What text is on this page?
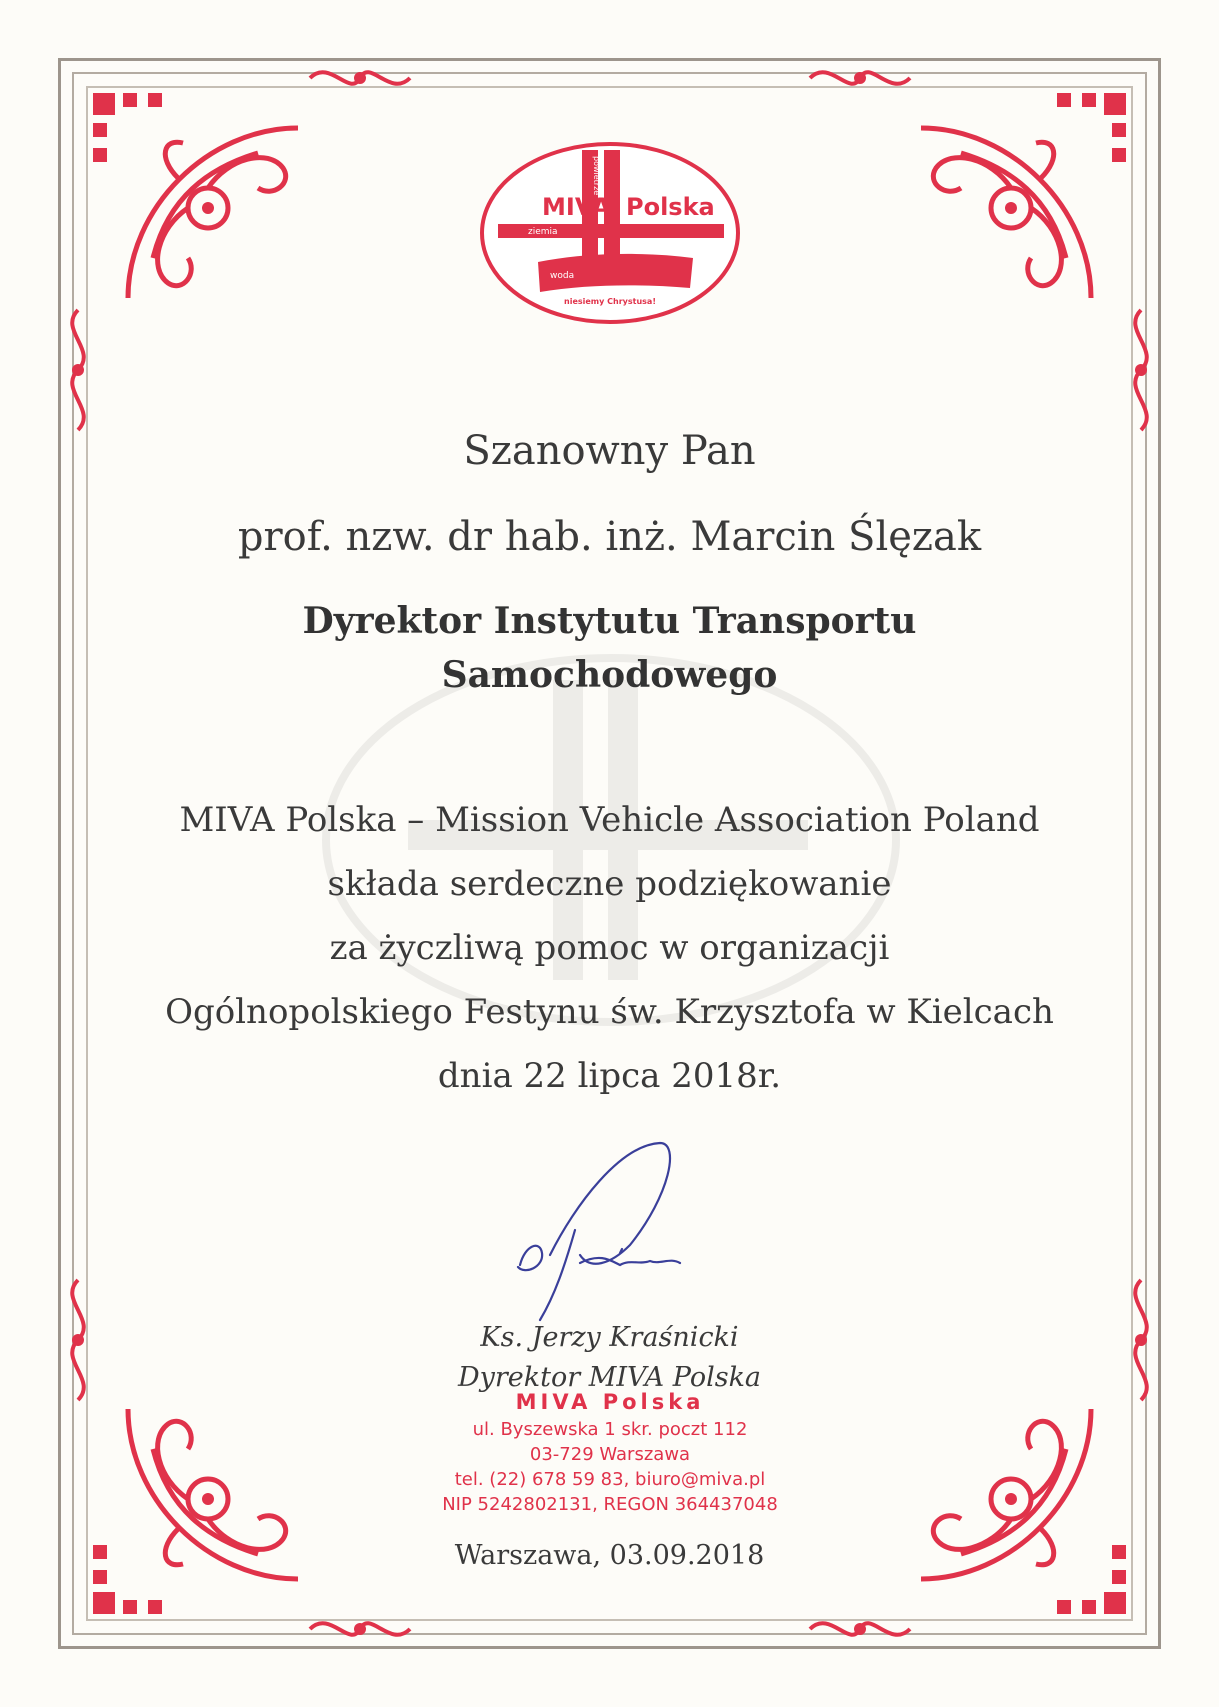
MIVA Polska
powietrze
ziemia
woda
niesiemy Chrystusa!
Szanowny Pan
prof. nzw. dr hab. inż. Marcin Ślęzak
Dyrektor Instytutu Transportu
Samochodowego
MIVA Polska – Mission Vehicle Association Poland
składa serdeczne podziękowanie
za życzliwą pomoc w organizacji
Ogólnopolskiego Festynu św. Krzysztofa w Kielcach
dnia 22 lipca 2018r.
Ks. Jerzy Kraśnicki
Dyrektor MIVA Polska
MIVA Polska
ul. Byszewska 1 skr. poczt 112
03-729 Warszawa
tel. (22) 678 59 83, biuro@miva.pl
NIP 5242802131, REGON 364437048
Warszawa, 03.09.2018
